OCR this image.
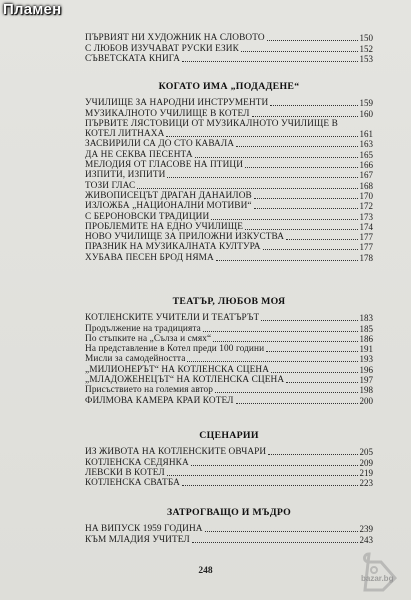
Пламен
ПЪРВИЯТ НИ ХУДОЖНИК НА СЛОВОТО	150
С ЛЮБОВ ИЗУЧАВАТ РУСКИ ЕЗИК	152
СЪВЕТСКАТА КНИГА	153
КОГАТО ИМА „ПОДАДЕНЕ“
УЧИЛИЩЕ ЗА НАРОДНИ ИНСТРУМЕНТИ	159
МУЗИКАЛНОТО УЧИЛИЩЕ В КОТЕЛ	160
ПЪРВИТЕ ЛЯСТОВИЦИ ОТ МУЗИКАЛНОТО УЧИЛИЩЕ В
КОТЕЛ ЛИТНАХА	161
ЗАСВИРИЛИ СА ДО СТО КАВАЛА	163
ДА НЕ СЕКВА ПЕСЕНТА	165
МЕЛОДИЯ ОТ ГЛАСОВЕ НА ПТИЦИ	166
ИЗПИТИ, ИЗПИТИ	167
ТОЗИ ГЛАС	168
ЖИВОПИСЕЦЪТ ДРАГАН ДАНАИЛОВ	170
ИЗЛОЖБА „НАЦИОНАЛНИ МОТИВИ“	172
С БЕРОНОВСКИ ТРАДИЦИИ	173
ПРОБЛЕМИТЕ НА ЕДНО УЧИЛИЩЕ	174
НОВО УЧИЛИЩЕ ЗА ПРИЛОЖНИ ИЗКУСТВА	177
ПРАЗНИК НА МУЗИКАЛНАТА КУЛТУРА	177
ХУБАВА ПЕСЕН БРОД НЯМА	178
ТЕАТЪР, ЛЮБОВ МОЯ
КОТЛЕНСКИТЕ УЧИТЕЛИ И ТЕАТЪРЪТ	183
Продължение на традицията	185
По стъпките на „Сълза и смях“	186
На представление в Котел преди 100 години	191
Мисли за самодейността	193
„МИЛИОНЕРЪТ“ НА КОТЛЕНСКА СЦЕНА	196
„МЛАДОЖЕНЕЦЪТ“ НА КОТЛЕНСКА СЦЕНА	197
Присъствието на големия автор	198
ФИЛМОВА КАМЕРА КРАЙ КОТЕЛ	200
СЦЕНАРИИ
ИЗ ЖИВОТА НА КОТЛЕНСКИТЕ ОВЧАРИ	205
КОТЛЕНСКА СЕДЯНКА	209
ЛЕВСКИ В КОТЕЛ	219
КОТЛЕНСКА СВАТБА	223
ЗАТРОГВАЩО И МЪДРО
НА ВИПУСК 1959 ГОДИНА	239
КЪМ МЛАДИЯ УЧИТЕЛ	243
248
bazar.bg
